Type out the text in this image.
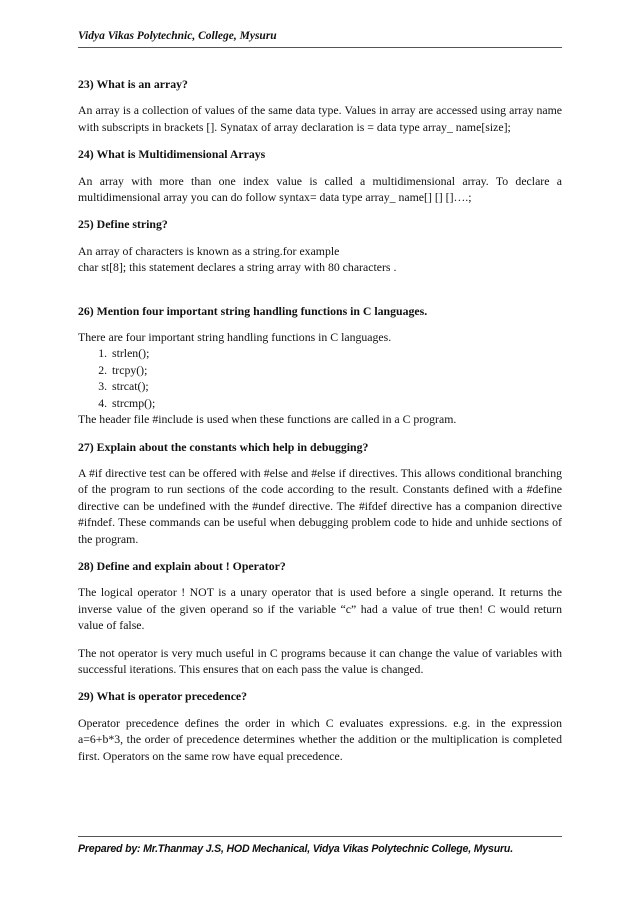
Vidya Vikas Polytechnic, College, Mysuru
23) What is an array?
An array is a collection of values of the same data type. Values in array are accessed using array name with subscripts in brackets []. Synatax of array declaration is = data type array_ name[size];
24) What is Multidimensional Arrays
An array with more than one index value is called a multidimensional array. To declare a multidimensional array you can do follow syntax= data type array_ name[] [] []….;
25) Define string?
An array of characters is known as a string.for example
char st[8]; this statement declares a string array with 80 characters .
26) Mention four important string handling functions in C languages.
There are four important string handling functions in C languages.
1. strlen();
2. trcpy();
3. strcat();
4. strcmp();
The header file #include is used when these functions are called in a C program.
27) Explain about the constants which help in debugging?
A #if directive test can be offered with #else and #else if directives. This allows conditional branching of the program to run sections of the code according to the result. Constants defined with a #define directive can be undefined with the #undef directive. The #ifdef directive has a companion directive #ifndef. These commands can be useful when debugging problem code to hide and unhide sections of the program.
28) Define and explain about ! Operator?
The logical operator ! NOT is a unary operator that is used before a single operand. It returns the inverse value of the given operand so if the variable “c” had a value of true then! C would return value of false.
The not operator is very much useful in C programs because it can change the value of variables with successful iterations. This ensures that on each pass the value is changed.
29) What is operator precedence?
Operator precedence defines the order in which C evaluates expressions. e.g. in the expression a=6+b*3, the order of precedence determines whether the addition or the multiplication is completed first. Operators on the same row have equal precedence.
Prepared by: Mr.Thanmay J.S, HOD Mechanical, Vidya Vikas Polytechnic College, Mysuru.
